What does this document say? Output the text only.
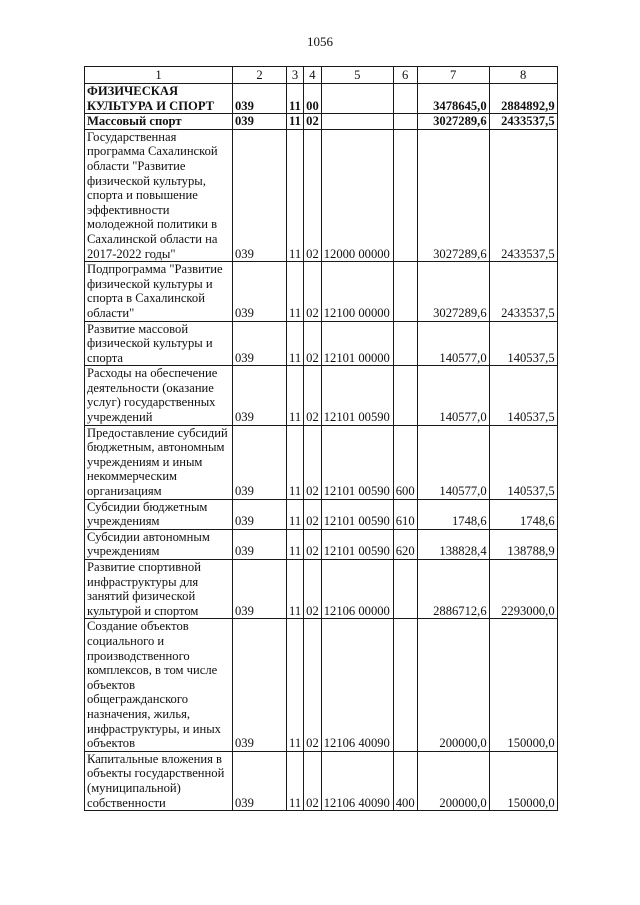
1056
1	2	3	4	5	6	7	8
ФИЗИЧЕСКАЯ КУЛЬТУРА И СПОРТ	039	11	00			3478645,0	2884892,9
Массовый спорт	039	11	02			3027289,6	2433537,5
Государственная программа Сахалинской области "Развитие физической культуры, спорта и повышение эффективности молодежной политики в Сахалинской области на 2017-2022 годы"	039	11	02	12000 00000		3027289,6	2433537,5
Подпрограмма "Развитие физической культуры и спорта в Сахалинской области"	039	11	02	12100 00000		3027289,6	2433537,5
Развитие массовой физической культуры и спорта	039	11	02	12101 00000		140577,0	140537,5
Расходы на обеспечение деятельности (оказание услуг) государственных учреждений	039	11	02	12101 00590		140577,0	140537,5
Предоставление субсидий бюджетным, автономным учреждениям и иным некоммерческим организациям	039	11	02	12101 00590	600	140577,0	140537,5
Субсидии бюджетным учреждениям	039	11	02	12101 00590	610	1748,6	1748,6
Субсидии автономным учреждениям	039	11	02	12101 00590	620	138828,4	138788,9
Развитие спортивной инфраструктуры для занятий физической культурой и спортом	039	11	02	12106 00000		2886712,6	2293000,0
Создание объектов социального и производственного комплексов, в том числе объектов общегражданского назначения, жилья, инфраструктуры, и иных объектов	039	11	02	12106 40090		200000,0	150000,0
Капитальные вложения в объекты государственной (муниципальной) собственности	039	11	02	12106 40090	400	200000,0	150000,0
